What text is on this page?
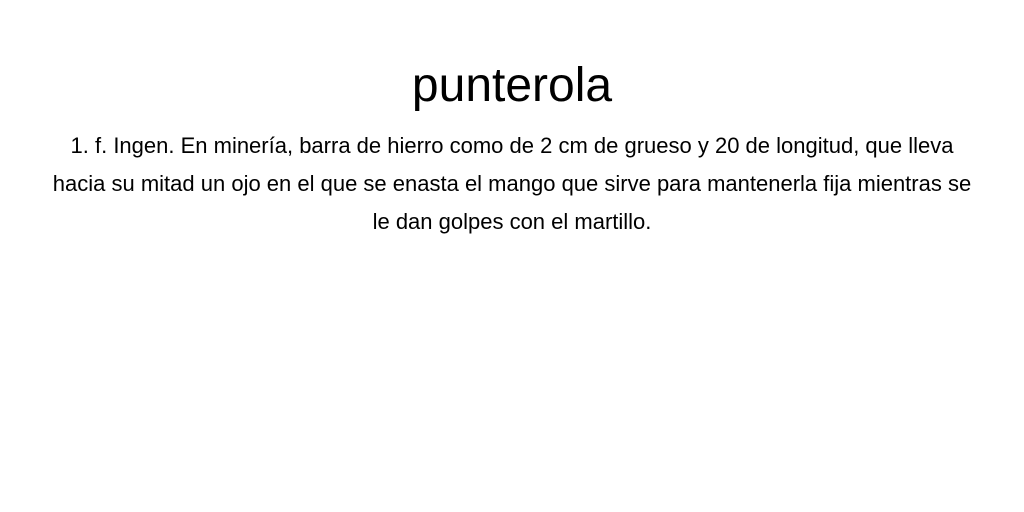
punterola

1. f. Ingen. En minería, barra de hierro como de 2 cm de grueso y 20 de longitud, que lleva hacia su mitad un ojo en el que se enasta el mango que sirve para mantenerla fija mientras se le dan golpes con el martillo.
